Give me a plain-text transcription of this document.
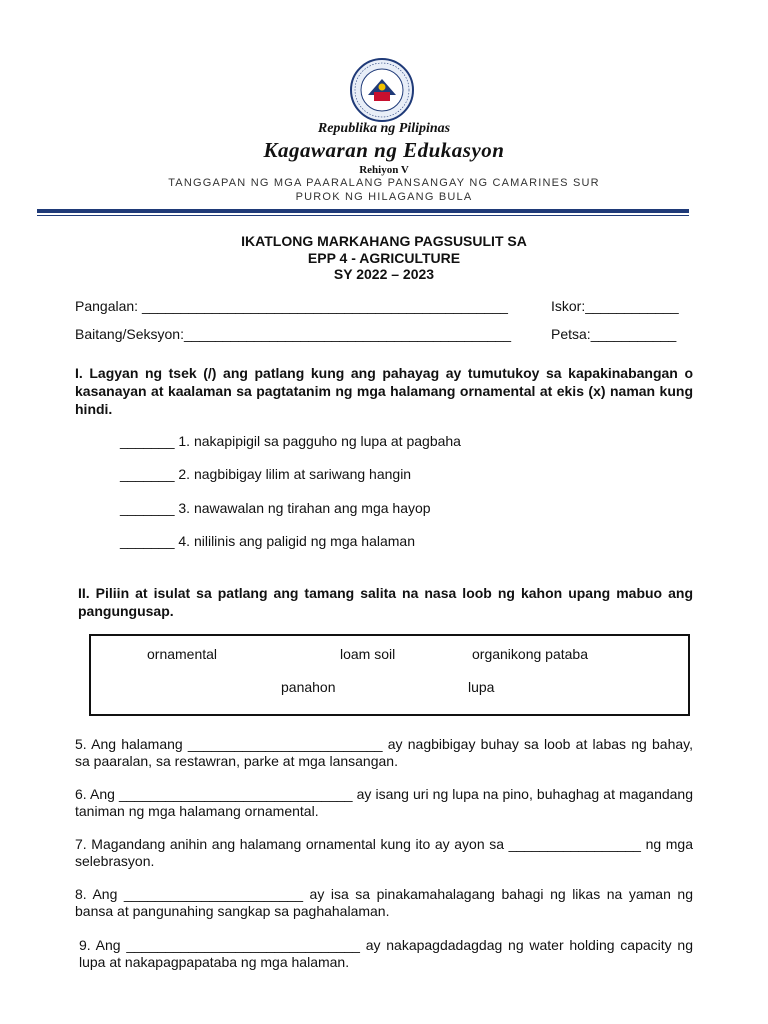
Republika ng Pilipinas
Kagawaran ng Edukasyon
Rehiyon V
TANGGAPAN NG MGA PAARALANG PANSANGAY NG CAMARINES SUR
PUROK NG HILAGANG BULA
IKATLONG MARKAHANG PAGSUSULIT SA
EPP 4 - AGRICULTURE
SY 2022 – 2023
Pangalan: _______________________________________________	Iskor:____________
Baitang/Seksyon:__________________________________________	Petsa:___________
I. Lagyan ng tsek (/) ang patlang kung ang pahayag ay tumutukoy sa kapakinabangan o kasanayan at kaalaman sa pagtatanim ng mga halamang ornamental at ekis (x) naman kung hindi.
_______ 1. nakapipigil sa pagguho ng lupa at pagbaha
_______ 2. nagbibigay lilim at sariwang hangin
_______ 3. nawawalan ng tirahan ang mga hayop
_______ 4. nililinis ang paligid ng mga halaman
II. Piliin at isulat sa patlang ang tamang salita na nasa loob ng kahon upang mabuo ang pangungusap.
ornamental	loam soil	organikong pataba
panahon	lupa
5. Ang halamang _________________________ ay nagbibigay buhay sa loob at labas ng bahay, sa paaralan, sa restawran, parke at mga lansangan.
6. Ang ______________________________ ay isang uri ng lupa na pino, buhaghag at magandang taniman ng mga halamang ornamental.
7. Magandang anihin ang halamang ornamental kung ito ay ayon sa _________________ ng mga selebrasyon.
8. Ang _______________________ ay isa sa pinakamahalagang bahagi ng likas na yaman ng bansa at pangunahing sangkap sa paghahalaman.
9. Ang ______________________________ ay nakapagdadagdag ng water holding capacity ng lupa at nakapagpapataba ng mga halaman.
